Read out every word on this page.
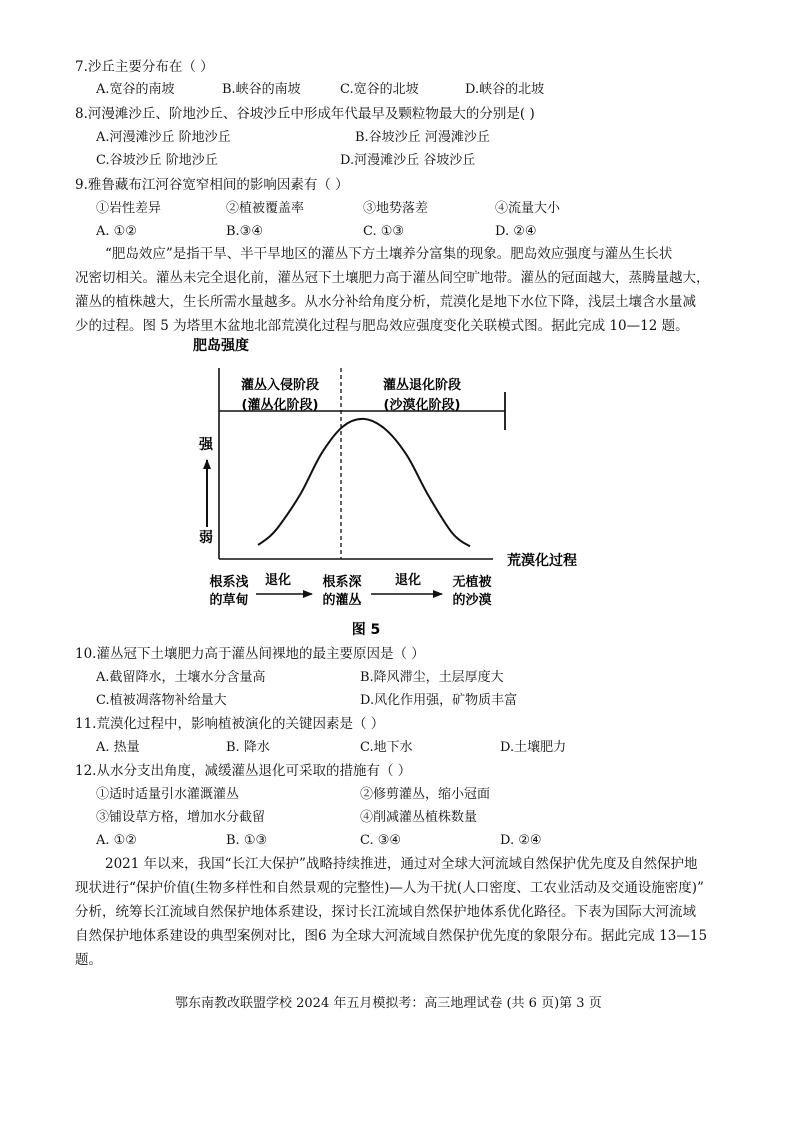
7.沙丘主要分布在（ ）
A.宽谷的南坡	B.峡谷的南坡	C.宽谷的北坡	D.峡谷的北坡
8.河漫滩沙丘、阶地沙丘、谷坡沙丘中形成年代最早及颗粒物最大的分别是( )
A.河漫滩沙丘 阶地沙丘	B.谷坡沙丘 河漫滩沙丘
C.谷坡沙丘 阶地沙丘	D.河漫滩沙丘 谷坡沙丘
9.雅鲁藏布江河谷宽窄相间的影响因素有（ ）
①岩性差异	②植被覆盖率	③地势落差	④流量大小
A. ①②	B.③④	C. ①③	D. ②④
“肥岛效应”是指干旱、半干旱地区的灌丛下方土壤养分富集的现象。肥岛效应强度与灌丛生长状
况密切相关。灌丛未完全退化前，灌丛冠下土壤肥力高于灌丛间空旷地带。灌丛的冠面越大，蒸腾量越大，
灌丛的植株越大，生长所需水量越多。从水分补给角度分析，荒漠化是地下水位下降，浅层土壤含水量减
少的过程。图 5 为塔里木盆地北部荒漠化过程与肥岛效应强度变化关联模式图。据此完成 10—12 题。
肥岛强度
荒漠化过程
灌丛入侵阶段
(灌丛化阶段)
灌丛退化阶段
(沙漠化阶段)
强
弱
根系浅
的草甸
退化 根系深
的灌丛
退化 无植被
的沙漠
图 5
10.灌丛冠下土壤肥力高于灌丛间裸地的最主要原因是（ ）
A.截留降水，土壤水分含量高	B.降风滞尘，土层厚度大
C.植被凋落物补给量大	D.风化作用强，矿物质丰富
11.荒漠化过程中，影响植被演化的关键因素是（ ）
A. 热量	B. 降水	C.地下水	D.土壤肥力
12.从水分支出角度，减缓灌丛退化可采取的措施有（ ）
①适时适量引水灌溉灌丛	②修剪灌丛，缩小冠面
③铺设草方格，增加水分截留	④削减灌丛植株数量
A. ①②	B. ①③	C. ③④	D. ②④
2021 年以来，我国“长江大保护”战略持续推进，通过对全球大河流域自然保护优先度及自然保护地
现状进行“保护价值(生物多样性和自然景观的完整性)—人为干扰(人口密度、工农业活动及交通设施密度)”
分析，统筹长江流域自然保护地体系建设，探讨长江流域自然保护地体系优化路径。下表为国际大河流域
自然保护地体系建设的典型案例对比，图6 为全球大河流域自然保护优先度的象限分布。据此完成 13—15
题。
鄂东南教改联盟学校 2024 年五月模拟考：高三地理试卷 (共 6 页)第 3 页
